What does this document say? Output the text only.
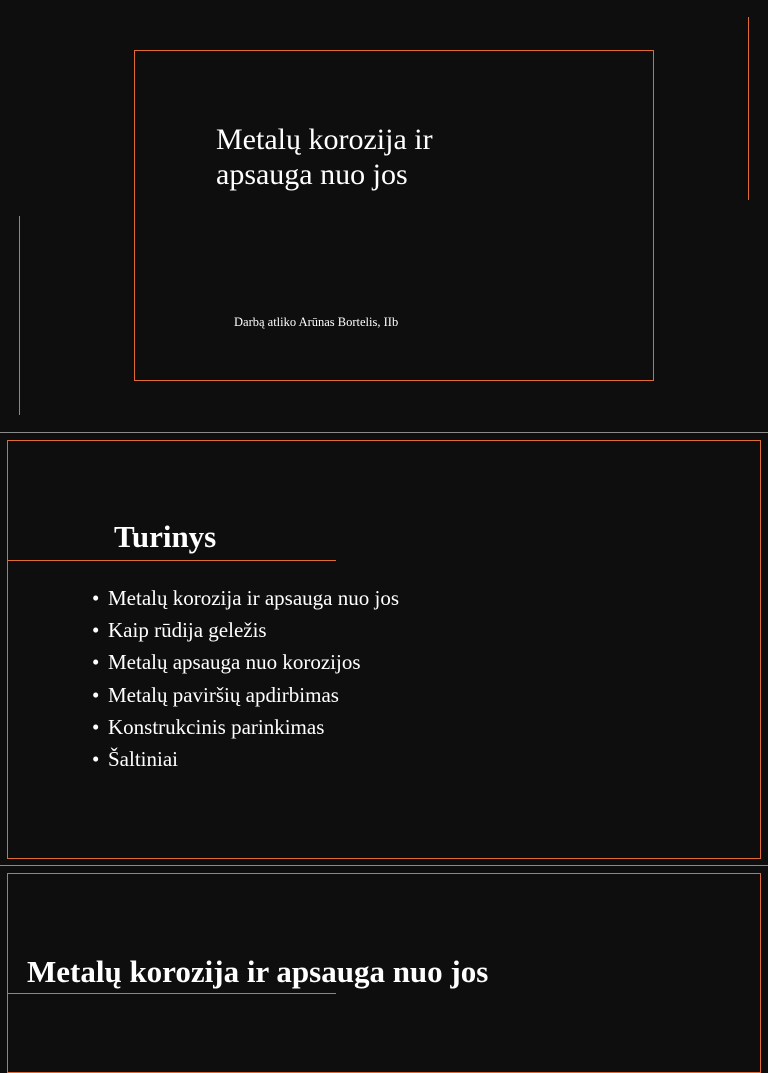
Metalų korozija ir apsauga nuo jos
Darbą atliko Arūnas Bortelis, IIb
Turinys
• Metalų korozija ir apsauga nuo jos
• Kaip rūdija geležis
• Metalų apsauga nuo korozijos
• Metalų paviršių apdirbimas
• Konstrukcinis parinkimas
• Šaltiniai
Metalų korozija ir apsauga nuo jos
